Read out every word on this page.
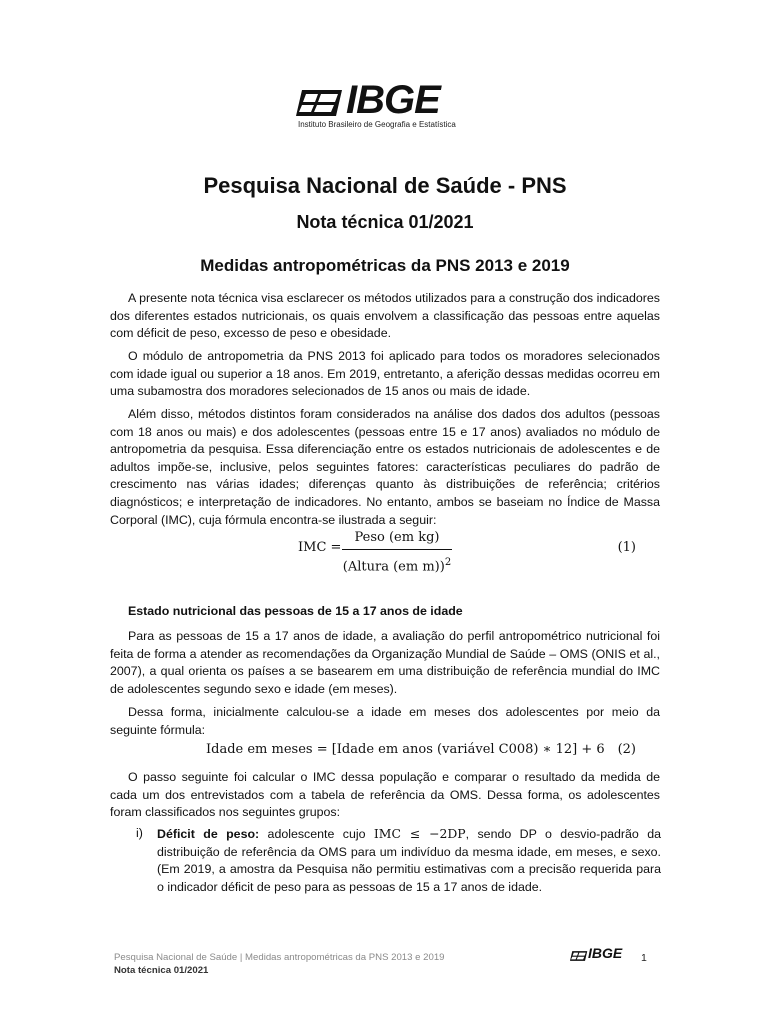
IBGE
Instituto Brasileiro de Geografia e Estatística
Pesquisa Nacional de Saúde - PNS
Nota técnica 01/2021
Medidas antropométricas da PNS 2013 e 2019

A presente nota técnica visa esclarecer os métodos utilizados para a construção dos indicadores dos diferentes estados nutricionais, os quais envolvem a classificação das pessoas entre aquelas com déficit de peso, excesso de peso e obesidade.

O módulo de antropometria da PNS 2013 foi aplicado para todos os moradores selecionados com idade igual ou superior a 18 anos. Em 2019, entretanto, a aferição dessas medidas ocorreu em uma subamostra dos moradores selecionados de 15 anos ou mais de idade.

Além disso, métodos distintos foram considerados na análise dos dados dos adultos (pessoas com 18 anos ou mais) e dos adolescentes (pessoas entre 15 e 17 anos) avaliados no módulo de antropometria da pesquisa. Essa diferenciação entre os estados nutricionais de adolescentes e de adultos impõe-se, inclusive, pelos seguintes fatores: características peculiares do padrão de crescimento nas várias idades; diferenças quanto às distribuições de referência; critérios diagnósticos; e interpretação de indicadores. No entanto, ambos se baseiam no Índice de Massa Corporal (IMC), cuja fórmula encontra-se ilustrada a seguir:

IMC =
Peso (em kg)
(Altura (em m))$^2$
(1)
Estado nutricional das pessoas de 15 a 17 anos de idade

Para as pessoas de 15 a 17 anos de idade, a avaliação do perfil antropométrico nutricional foi feita de forma a atender as recomendações da Organização Mundial de Saúde – OMS (ONIS et al., 2007), a qual orienta os países a se basearem em uma distribuição de referência mundial do IMC de adolescentes segundo sexo e idade (em meses).

Dessa forma, inicialmente calculou-se a idade em meses dos adolescentes por meio da seguinte fórmula:

Idade em meses = [Idade em anos (variável C008) ∗ 12] + 6 (2)

O passo seguinte foi calcular o IMC dessa população e comparar o resultado da medida de cada um dos entrevistados com a tabela de referência da OMS. Dessa forma, os adolescentes foram classificados nos seguintes grupos:

i) Déficit de peso: adolescente cujo IMC ≤ −2DP, sendo DP o desvio-padrão da distribuição de referência da OMS para um indivíduo da mesma idade, em meses, e sexo. (Em 2019, a amostra da Pesquisa não permitiu estimativas com a precisão requerida para o indicador déficit de peso para as pessoas de 15 a 17 anos de idade.

Pesquisa Nacional de Saúde | Medidas antropométricas da PNS 2013 e 2019
Nota técnica 01/2021
IBGE 1
